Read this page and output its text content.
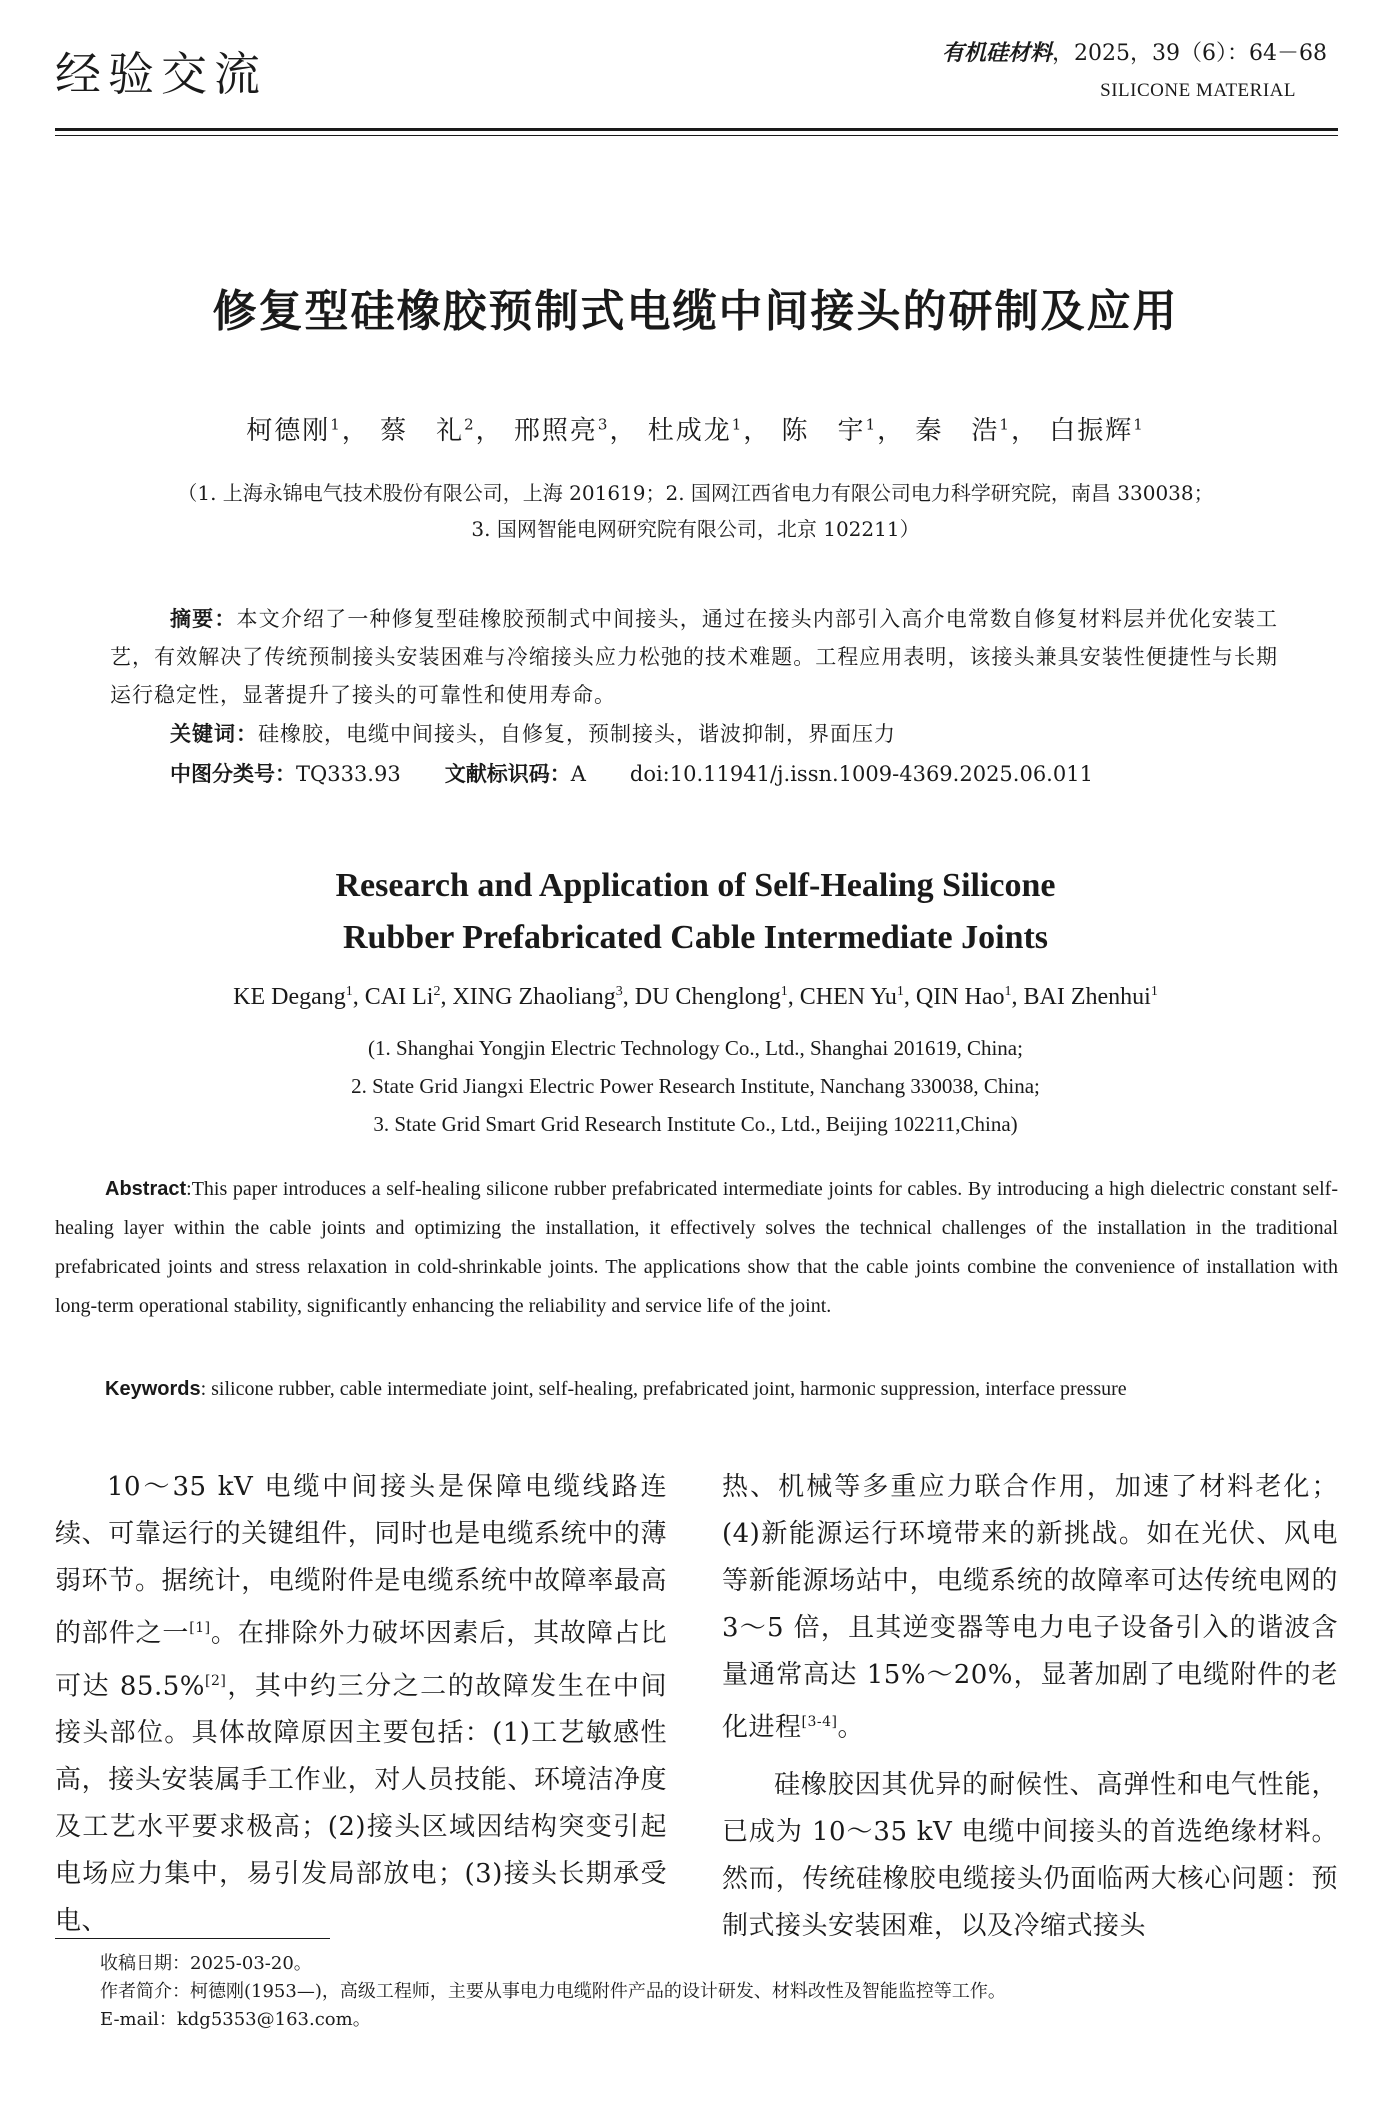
经验交流	有机硅材料，2025，39（6）：64－68
SILICONE MATERIAL
修复型硅橡胶预制式电缆中间接头的研制及应用
柯德刚$^1$， 蔡　礼$^2$， 邢照亮$^3$， 杜成龙$^1$， 陈　宇$^1$， 秦　浩$^1$， 白振辉$^1$
（1. 上海永锦电气技术股份有限公司，上海 201619；2. 国网江西省电力有限公司电力科学研究院，南昌 330038；
3. 国网智能电网研究院有限公司，北京 102211）
摘要：本文介绍了一种修复型硅橡胶预制式中间接头，通过在接头内部引入高介电常数自修复材料层并优化安装工艺，有效解决了传统预制接头安装困难与冷缩接头应力松弛的技术难题。工程应用表明，该接头兼具安装性便捷性与长期运行稳定性，显著提升了接头的可靠性和使用寿命。
关键词：硅橡胶，电缆中间接头，自修复，预制接头，谐波抑制，界面压力
中图分类号：TQ333.93 文献标识码：A doi:10.11941/j.issn.1009-4369.2025.06.011
Research and Application of Self-Healing Silicone
Rubber Prefabricated Cable Intermediate Joints
KE Degang$^1$, CAI Li$^2$, XING Zhaoliang$^3$, DU Chenglong$^1$, CHEN Yu$^1$, QIN Hao$^1$, BAI Zhenhui$^1$
(1. Shanghai Yongjin Electric Technology Co., Ltd., Shanghai 201619, China;
2. State Grid Jiangxi Electric Power Research Institute, Nanchang 330038, China;
3. State Grid Smart Grid Research Institute Co., Ltd., Beijing 102211,China)
Abstract:This paper introduces a self-healing silicone rubber prefabricated intermediate joints for cables. By introducing a high dielectric constant self-healing layer within the cable joints and optimizing the installation, it effectively solves the technical challenges of the installation in the traditional prefabricated joints and stress relaxation in cold-shrinkable joints. The applications show that the cable joints combine the convenience of installation with long-term operational stability, significantly enhancing the reliability and service life of the joint.
Keywords: silicone rubber, cable intermediate joint, self-healing, prefabricated joint, harmonic suppression, interface pressure

10～35 kV 电缆中间接头是保障电缆线路连续、可靠运行的关键组件，同时也是电缆系统中的薄弱环节。据统计，电缆附件是电缆系统中故障率最高的部件之一[1]。在排除外力破坏因素后，其故障占比可达 85.5%[2]，其中约三分之二的故障发生在中间接头部位。具体故障原因主要包括：(1)工艺敏感性高，接头安装属手工作业，对人员技能、环境洁净度及工艺水平要求极高；(2)接头区域因结构突变引起电场应力集中，易引发局部放电；(3)接头长期承受电、

热、机械等多重应力联合作用，加速了材料老化；(4)新能源运行环境带来的新挑战。如在光伏、风电等新能源场站中，电缆系统的故障率可达传统电网的 3～5 倍，且其逆变器等电力电子设备引入的谐波含量通常高达 15%～20%，显著加剧了电缆附件的老化进程[3-4]。

硅橡胶因其优异的耐候性、高弹性和电气性能，已成为 10～35 kV 电缆中间接头的首选绝缘材料。然而，传统硅橡胶电缆接头仍面临两大核心问题：预制式接头安装困难，以及冷缩式接头

收稿日期：2025-03-20。
作者简介：柯德刚(1953—)，高级工程师，主要从事电力电缆附件产品的设计研发、材料改性及智能监控等工作。
E-mail：kdg5353@163.com。
